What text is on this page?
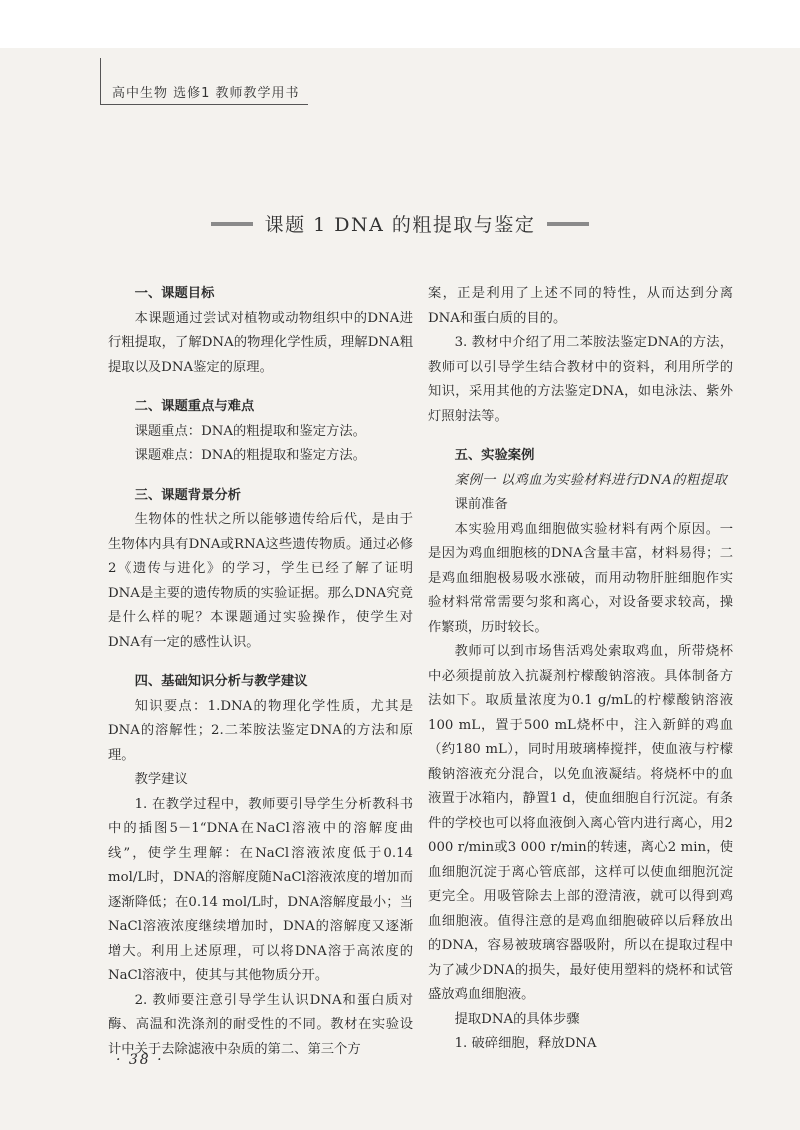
高中生物 选修1 教师教学用书
课题 1 DNA 的粗提取与鉴定
一、课题目标

本课题通过尝试对植物或动物组织中的DNA进行粗提取，了解DNA的物理化学性质，理解DNA粗提取以及DNA鉴定的原理。

二、课题重点与难点

课题重点：DNA的粗提取和鉴定方法。

课题难点：DNA的粗提取和鉴定方法。

三、课题背景分析

生物体的性状之所以能够遗传给后代，是由于生物体内具有DNA或RNA这些遗传物质。通过必修2《遗传与进化》的学习，学生已经了解了证明DNA是主要的遗传物质的实验证据。那么DNA究竟是什么样的呢？本课题通过实验操作，使学生对DNA有一定的感性认识。

四、基础知识分析与教学建议

知识要点：1.DNA的物理化学性质，尤其是DNA的溶解性；2.二苯胺法鉴定DNA的方法和原理。

教学建议

1. 在教学过程中，教师要引导学生分析教科书中的插图5－1“DNA在NaCl溶液中的溶解度曲线”，使学生理解：在NaCl溶液浓度低于0.14 mol/L时，DNA的溶解度随NaCl溶液浓度的增加而逐渐降低；在0.14 mol/L时，DNA溶解度最小；当NaCl溶液浓度继续增加时，DNA的溶解度又逐渐增大。利用上述原理，可以将DNA溶于高浓度的NaCl溶液中，使其与其他物质分开。

2. 教师要注意引导学生认识DNA和蛋白质对酶、高温和洗涤剂的耐受性的不同。教材在实验设计中关于去除滤液中杂质的第二、第三个方

案，正是利用了上述不同的特性，从而达到分离DNA和蛋白质的目的。

3. 教材中介绍了用二苯胺法鉴定DNA的方法，教师可以引导学生结合教材中的资料，利用所学的知识，采用其他的方法鉴定DNA，如电泳法、紫外灯照射法等。

五、实验案例

案例一 以鸡血为实验材料进行DNA的粗提取

课前准备

本实验用鸡血细胞做实验材料有两个原因。一是因为鸡血细胞核的DNA含量丰富，材料易得；二是鸡血细胞极易吸水涨破，而用动物肝脏细胞作实验材料常常需要匀浆和离心，对设备要求较高，操作繁琐，历时较长。

教师可以到市场售活鸡处索取鸡血，所带烧杯中必须提前放入抗凝剂柠檬酸钠溶液。具体制备方法如下。取质量浓度为0.1 g/mL的柠檬酸钠溶液100 mL，置于500 mL烧杯中，注入新鲜的鸡血（约180 mL），同时用玻璃棒搅拌，使血液与柠檬酸钠溶液充分混合，以免血液凝结。将烧杯中的血液置于冰箱内，静置1 d，使血细胞自行沉淀。有条件的学校也可以将血液倒入离心管内进行离心，用2 000 r/min或3 000 r/min的转速，离心2 min，使血细胞沉淀于离心管底部，这样可以使血细胞沉淀更完全。用吸管除去上部的澄清液，就可以得到鸡血细胞液。值得注意的是鸡血细胞破碎以后释放出的DNA，容易被玻璃容器吸附，所以在提取过程中为了减少DNA的损失，最好使用塑料的烧杯和试管盛放鸡血细胞液。

提取DNA的具体步骤

1. 破碎细胞，释放DNA

· 38 ·
